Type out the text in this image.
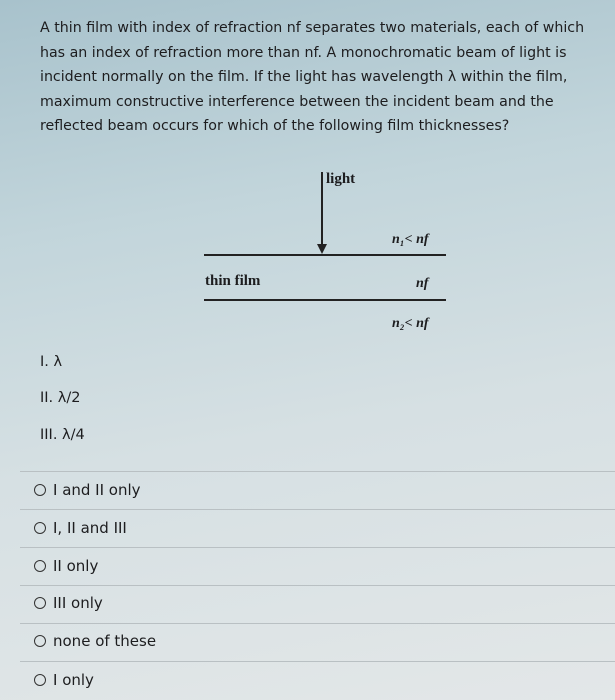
A thin film with index of refraction nf separates two materials, each of which has an index of refraction more than nf. A monochromatic beam of light is incident normally on the film. If the light has wavelength λ within the film, maximum constructive interference between the incident beam and the reflected beam occurs for which of the following film thicknesses?
light
n₁< nf
thin film	nf
n₂< nf
I. λ
II. λ/2
III. λ/4
I and II only
I, II and III
II only
III only
none of these
I only
